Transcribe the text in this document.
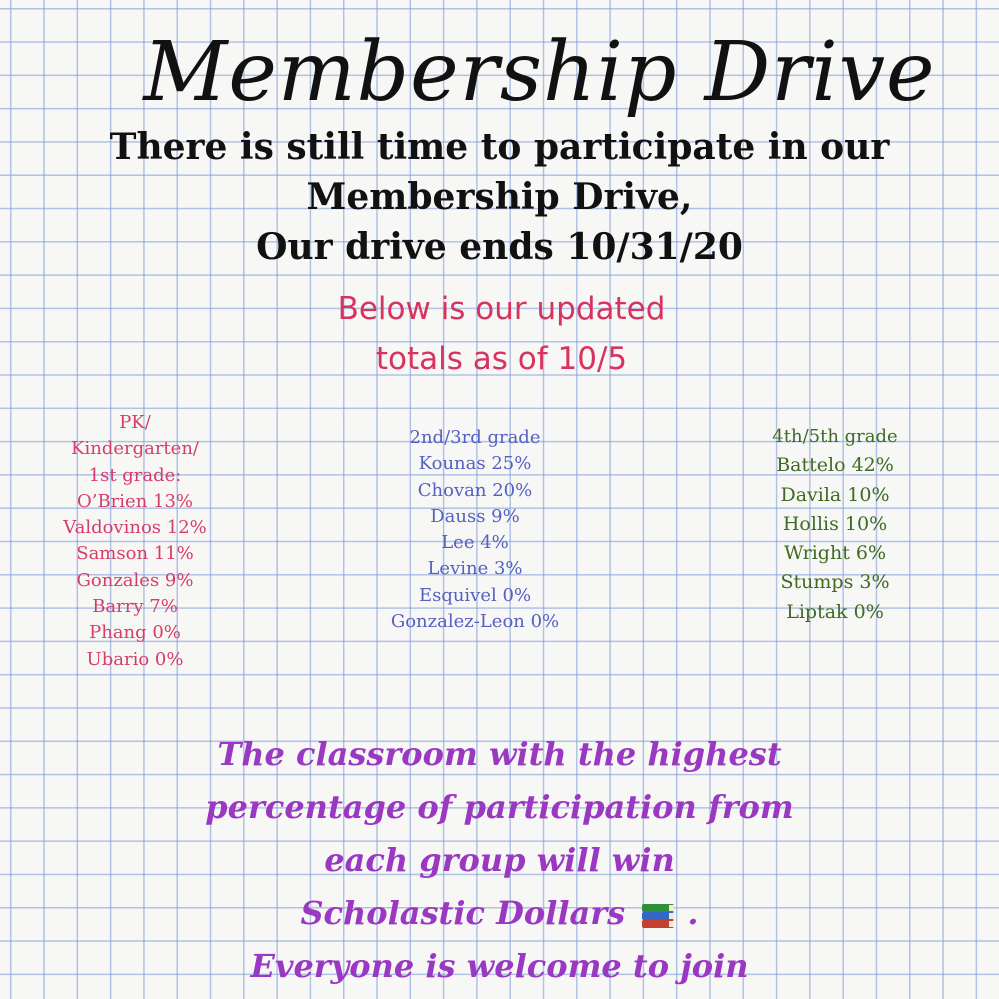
Membership Drive
There is still time to participate in our
Membership Drive,
Our drive ends 10/31/20
Below is our updated
totals as of 10/5
PK/
Kindergarten/
1st grade:
O’Brien 13%
Valdovinos 12%
Samson 11%
Gonzales 9%
Barry 7%
Phang 0%
Ubario 0%
2nd/3rd grade
Kounas 25%
Chovan 20%
Dauss 9%
Lee 4%
Levine 3%
Esquivel 0%
Gonzalez-Leon 0%
4th/5th grade
Battelo 42%
Davila 10%
Hollis 10%
Wright 6%
Stumps 3%
Liptak 0%
The classroom with the highest
percentage of participation from
each group will win
Scholastic Dollars .
Everyone is welcome to join
